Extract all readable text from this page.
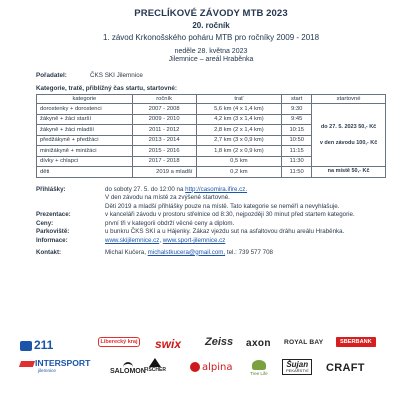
PRECLÍKOVÉ ZÁVODY MTB 2023
20. ročník
1. závod Krkonošského poháru MTB pro ročníky 2009 - 2018
neděle 28. května 2023
Jilemnice – areál Hraběnka
Pořadatel:	ČKS SKI Jilemnice
Kategorie, tratě, přibližný čas startu, startovné:
kategorie	ročník	trať	start	startovné
dorostenky + dorostenci	2007 - 2008	5,6 km (4 x 1,4 km)	9:30	do 27. 5. 2023 50,- Kč
v den závodu 100,- Kč

žákyně + žáci starší	2009 - 2010	4,2 km (3 x 1,4 km)	9:45	
žákyně + žáci mladší	2011 - 2012	2,8 km (2 x 1,4 km)	10:15	
předžákyně + předžáci	2013 - 2014	2,7 km (3 x 0,9 km)	10:50	
minižákyně + minižáci	2015 - 2016	1,8 km (2 x 0,9 km)	11:15	
dívky + chlapci	2017 - 2018	0,5 km	11:30	
děti	2019 a mladší	0,2 km	11:50	na místě 50,- Kč
Přihlášky:	do soboty 27. 5. do 12:00 na http://casomira.ifire.cz.
V den závodu na místě za zvýšené startovné.
Děti 2019 a mladší přihlášky pouze na místě. Tato kategorie se neméří a nevyhlašuje.
Prezentace:	v kanceláři závodu v prostoru střelnice od 8:30, nejpozději 30 minut před startem kategorie.
Ceny:	první tři v kategorii obdrží věcné ceny a diplom.
Parkoviště:	u bunkru ČKS SKI a u Hájenky. Zákaz vjezdu sut na asfaltovou dráhu areálu Hraběnka.
Informace:	www.skijilemnice.cz, www.sport-jilemnice.cz
Kontakt:	Michal Kučera, michalstkucera@gmail.com, tel.: 739 577 708
211	Liberecký kraj swix Zeiss axon ROYAL BAY	SBERBANK
INTERSPORT
jilemnice	SALOMON
FISCHER	alpina
Tree Life
Šujan
PEKAŘSTVÍ CRAFT
